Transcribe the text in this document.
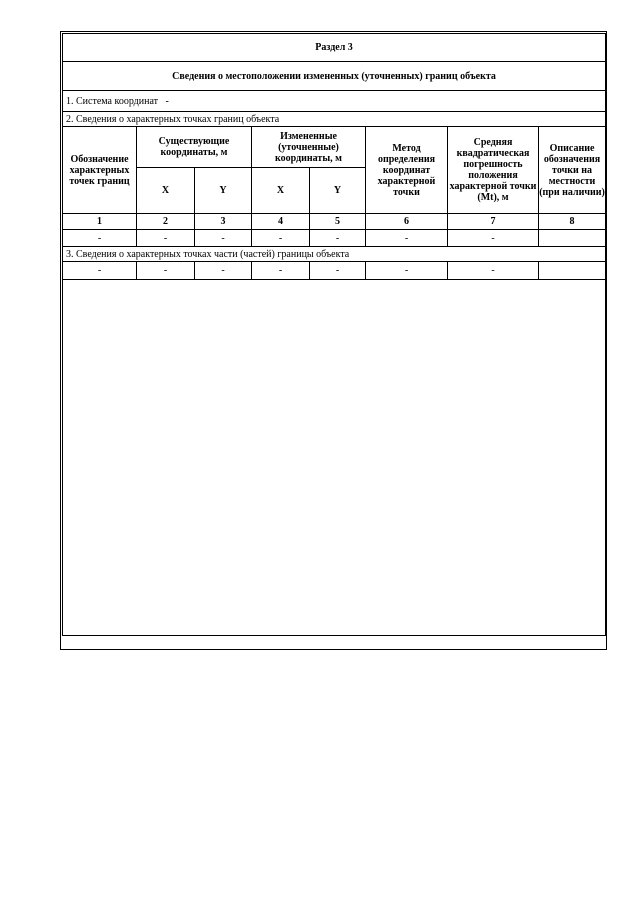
Раздел 3							
Сведения о местоположении измененных (уточненных) границ объекта							
1. Система координат -							
2. Сведения о характерных точках границ объекта							
Обозначение характерных точек границ	Существующие координаты, м		Измененные (уточненные) координаты, м		Метод определения координат характерной точки	Средняя квадратическая погрешность положения характерной точки (Mt), м	Описание обозначения точки на местности (при наличии)
	X	Y	X	Y			
1	2	3	4	5	6	7	8
-	-	-	-	-	-	-	
3. Сведения о характерных точках части (частей) границы объекта							
-	-	-	-	-	-	-	
